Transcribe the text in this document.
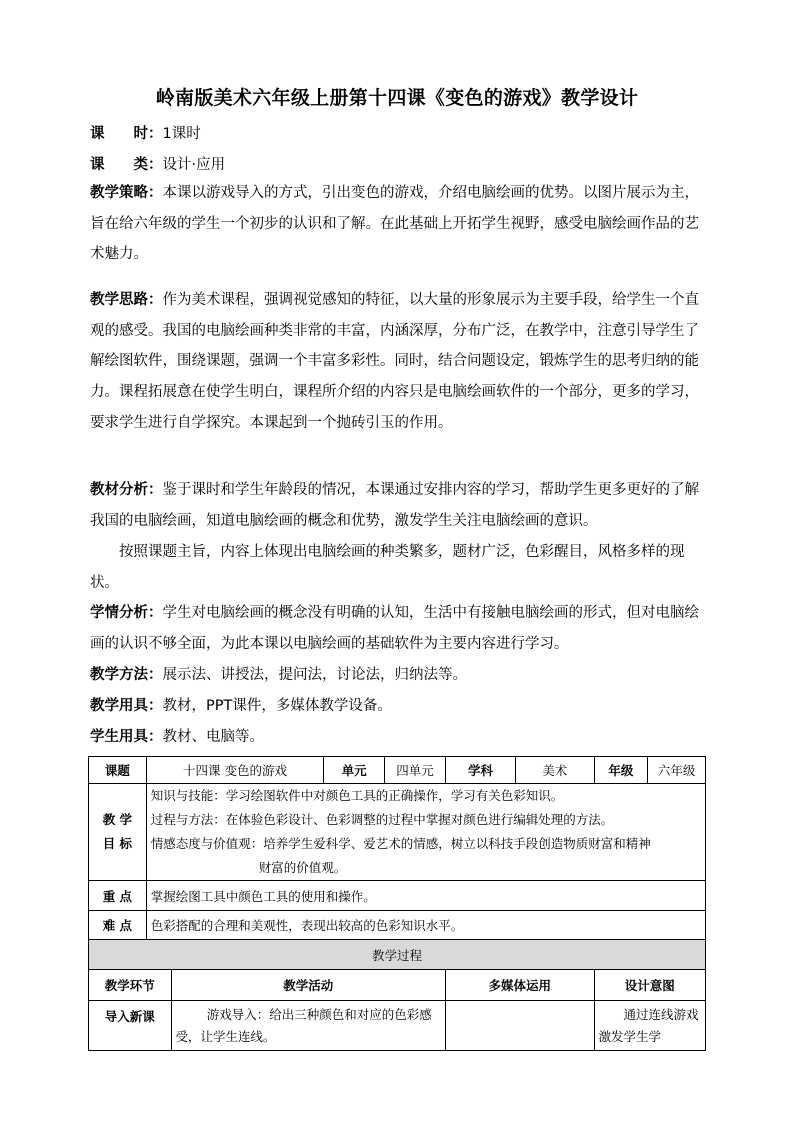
岭南版美术六年级上册第十四课《变色的游戏》教学设计
课　　时：1课时
课　　类：设计·应用
教学策略：本课以游戏导入的方式，引出变色的游戏，介绍电脑绘画的优势。以图片展示为主，旨在给六年级的学生一个初步的认识和了解。在此基础上开拓学生视野，感受电脑绘画作品的艺术魅力。
教学思路：作为美术课程，强调视觉感知的特征，以大量的形象展示为主要手段，给学生一个直观的感受。我国的电脑绘画种类非常的丰富，内涵深厚，分布广泛，在教学中，注意引导学生了解绘图软件，围绕课题，强调一个丰富多彩性。同时，结合问题设定，锻炼学生的思考归纳的能力。课程拓展意在使学生明白，课程所介绍的内容只是电脑绘画软件的一个部分，更多的学习，要求学生进行自学探究。本课起到一个抛砖引玉的作用。
教材分析：鉴于课时和学生年龄段的情况，本课通过安排内容的学习，帮助学生更多更好的了解我国的电脑绘画，知道电脑绘画的概念和优势，激发学生关注电脑绘画的意识。
按照课题主旨，内容上体现出电脑绘画的种类繁多，题材广泛，色彩醒目，风格多样的现状。
学情分析：学生对电脑绘画的概念没有明确的认知，生活中有接触电脑绘画的形式，但对电脑绘画的认识不够全面，为此本课以电脑绘画的基础软件为主要内容进行学习。
教学方法：展示法、讲授法，提问法，讨论法，归纳法等。
教学用具：教材，PPT课件，多媒体教学设备。
学生用具：教材、电脑等。
课题	十四课 变色的游戏		单元	四单元	学科	美术	年级	六年级
教 学 目 标	知识与技能：学习绘图软件中对颜色工具的正确操作，学习有关色彩知识。
过程与方法：在体验色彩设计、色彩调整的过程中掌握对颜色进行编辑处理的方法。
情感态度与价值观：培养学生爱科学、爱艺术的情感，树立以科技手段创造物质财富和精神
财富的价值观。							

重 点	掌握绘图工具中颜色工具的使用和操作。							
难 点	色彩搭配的合理和美观性，表现出较高的色彩知识水平。							
教学过程								
教学环节		教学活动			多媒体运用		设计意图	
导入新课		游戏导入：给出三种颜色和对应的色彩感受，让学生连线。					通过连线游戏激发学生学	
